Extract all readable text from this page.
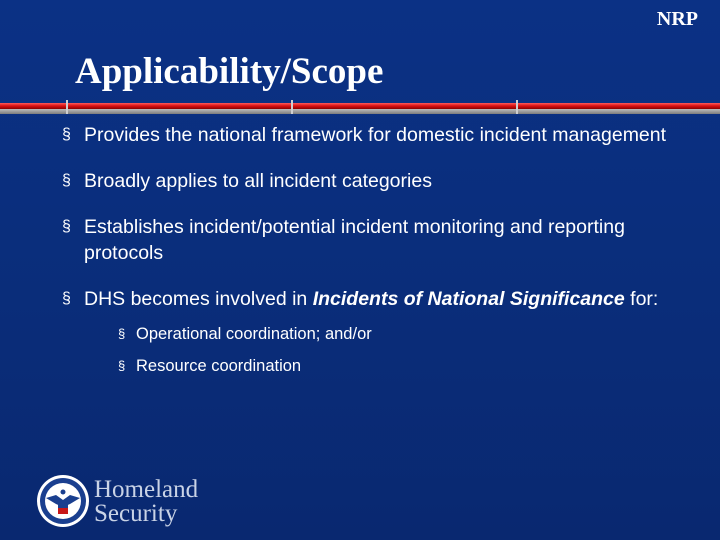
NRP
Applicability/Scope
§ Provides the national framework for domestic incident management
§ Broadly applies to all incident categories
§ Establishes incident/potential incident monitoring and reporting protocols
§ DHS becomes involved in Incidents of National Significance for:
§ Operational coordination; and/or
§ Resource coordination
Homeland
Security
